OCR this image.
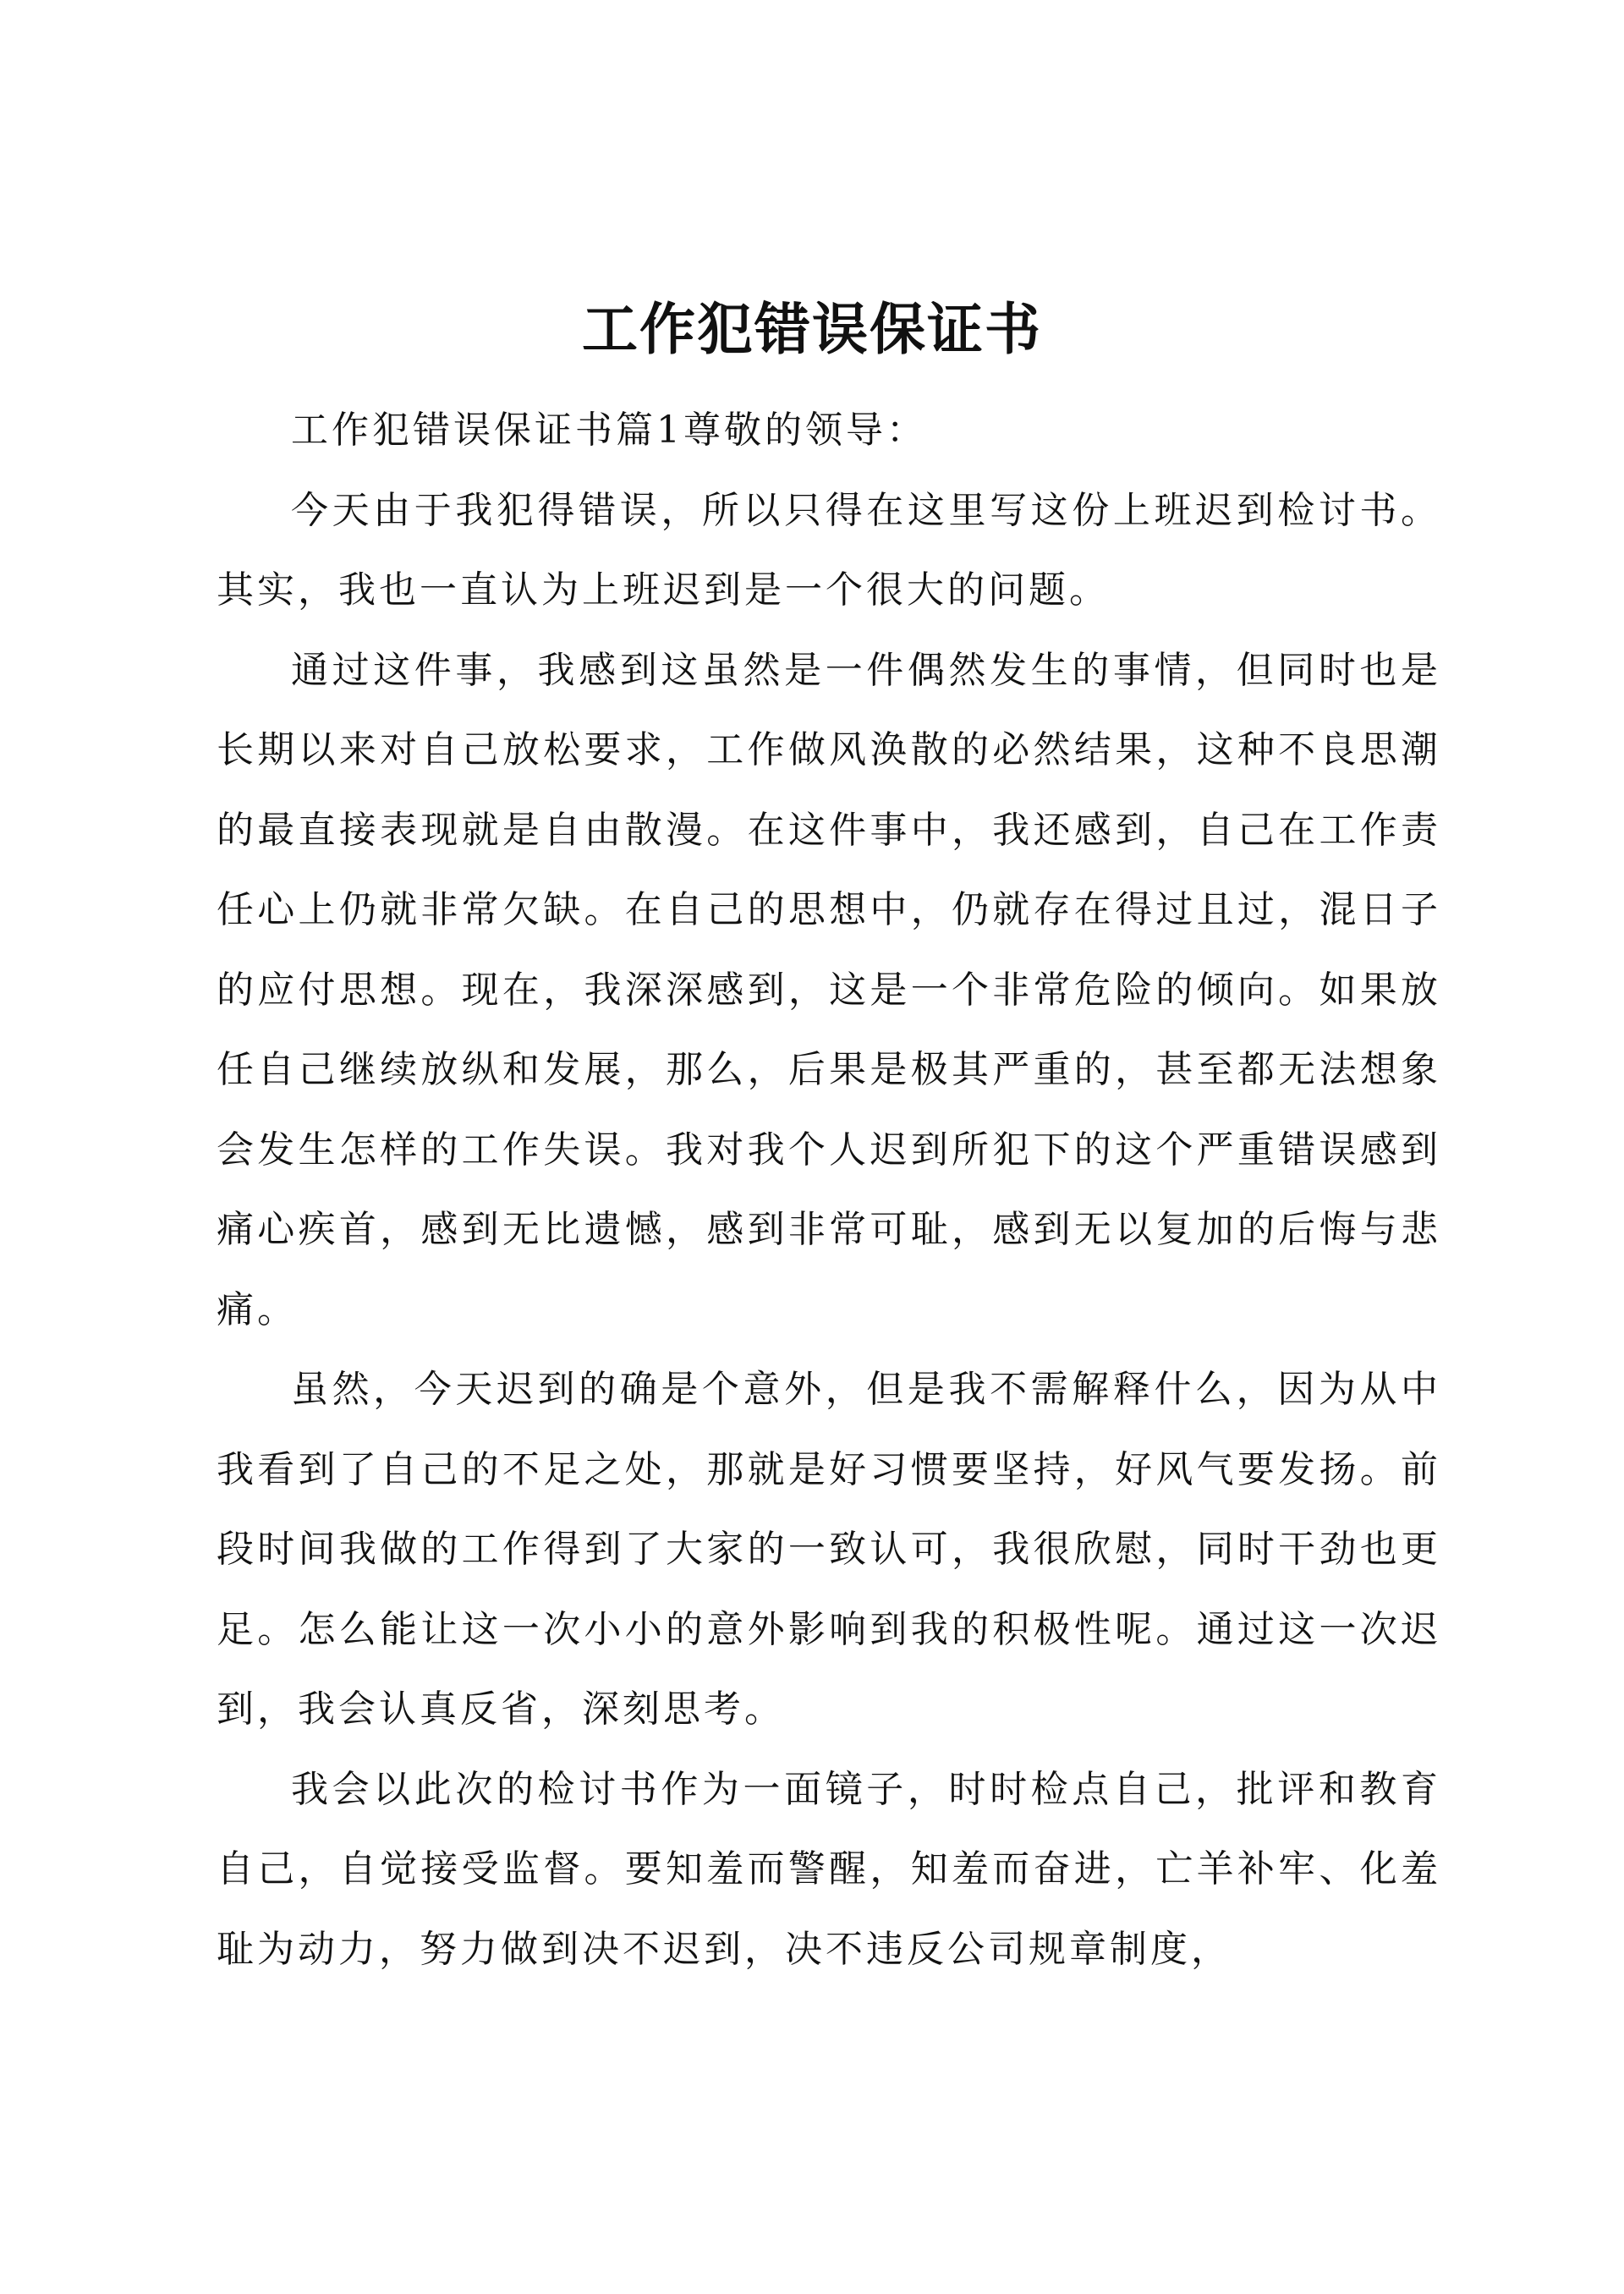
工作犯错误保证书

工作犯错误保证书篇1尊敬的领导：

今天由于我犯得错误，所以只得在这里写这份上班迟到检讨书。其实，我也一直认为上班迟到是一个很大的问题。

通过这件事，我感到这虽然是一件偶然发生的事情，但同时也是长期以来对自己放松要求，工作做风涣散的必然结果，这种不良思潮的最直接表现就是自由散漫。在这件事中，我还感到，自己在工作责任心上仍就非常欠缺。在自己的思想中，仍就存在得过且过，混日子的应付思想。现在，我深深感到，这是一个非常危险的倾向。如果放任自己继续放纵和发展，那么，后果是极其严重的，甚至都无法想象会发生怎样的工作失误。我对我个人迟到所犯下的这个严重错误感到痛心疾首，感到无比遗憾，感到非常可耻，感到无以复加的后悔与悲痛。

虽然，今天迟到的确是个意外，但是我不需解释什么，因为从中我看到了自己的不足之处，那就是好习惯要坚持，好风气要发扬。前段时间我做的工作得到了大家的一致认可，我很欣慰，同时干劲也更足。怎么能让这一次小小的意外影响到我的积极性呢。通过这一次迟到，我会认真反省，深刻思考。

我会以此次的检讨书作为一面镜子，时时检点自己，批评和教育自己，自觉接受监督。要知羞而警醒，知羞而奋进，亡羊补牢、化羞耻为动力，努力做到决不迟到，决不违反公司规章制度，
